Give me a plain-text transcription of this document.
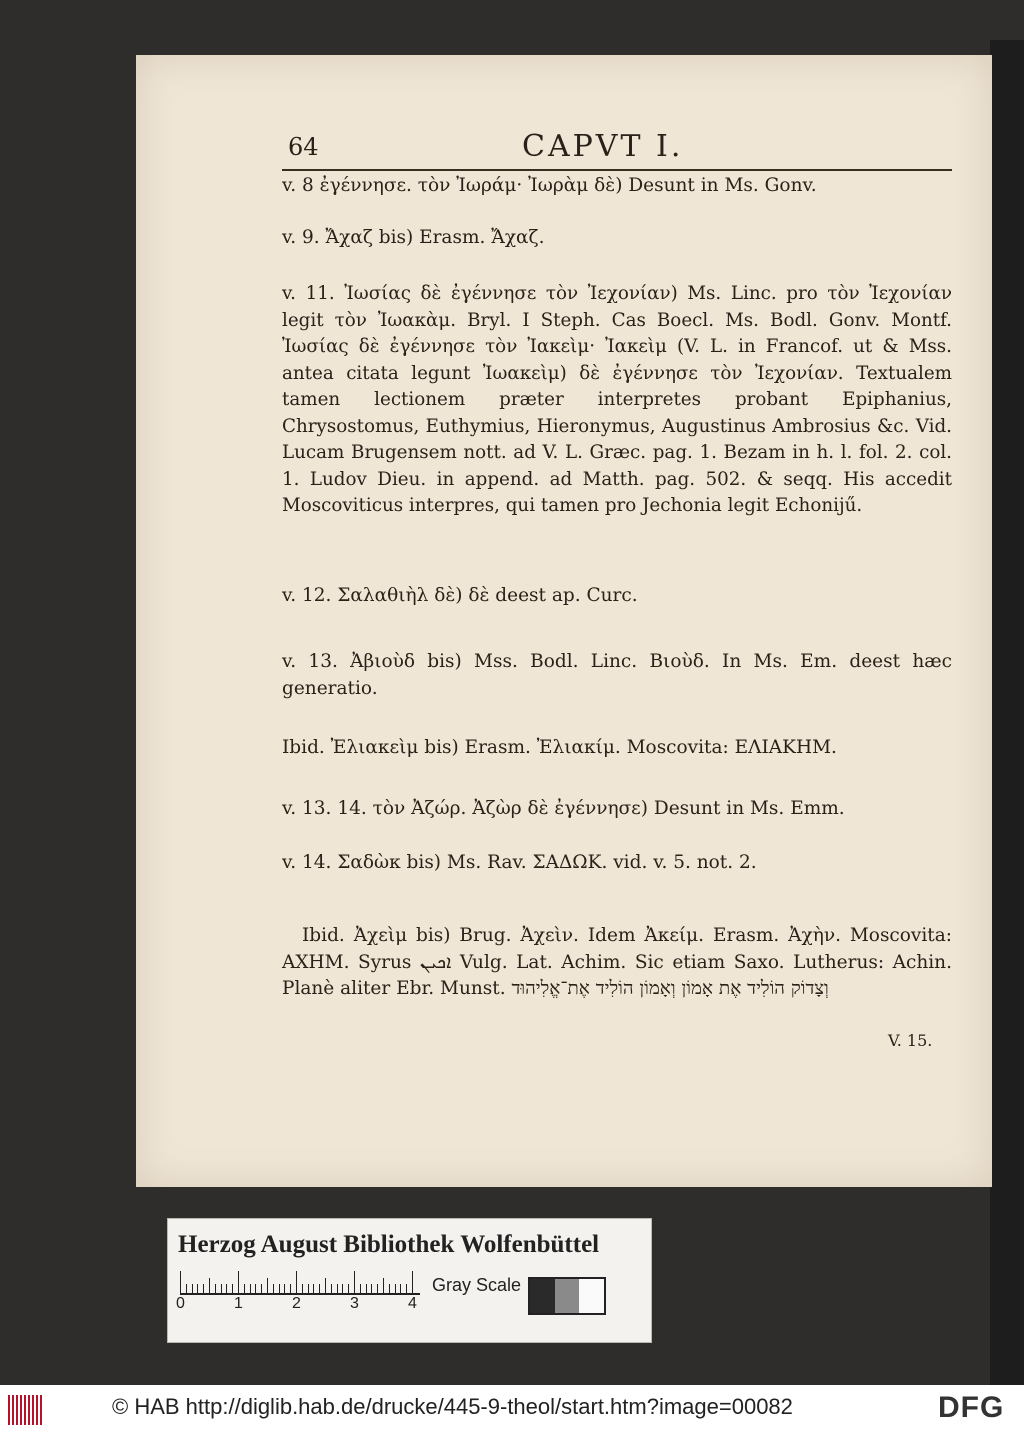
64	CAPVT I.

v. 8 ἐγέννησε. τὸν Ἰωράμ· Ἰωρὰμ δὲ) Desunt in Ms. Gonv.

v. 9. Ἄχαζ bis) Erasm. Ἄχαζ.

v. 11. Ἰωσίας δὲ ἐγέννησε τὸν Ἰεχονίαν) Ms. Linc. pro τὸν Ἰεχονίαν legit τὸν Ἰωακὰμ. Bryl. I Steph. Cas Boecl. Ms. Bodl. Gonv. Montf. Ἰωσίας δὲ ἐγέννησε τὸν Ἰακεὶμ· Ἰακεὶμ (V. L. in Francof. ut & Mss. antea citata legunt Ἰωακεὶμ) δὲ ἐγέννησε τὸν Ἰεχονίαν. Textualem tamen lectionem præter interpretes probant Epiphanius, Chrysostomus, Euthymius, Hieronymus, Augustinus Ambrosius &c. Vid. Lucam Brugensem nott. ad V. L. Græc. pag. 1. Bezam in h. l. fol. 2. col. 1. Ludov Dieu. in append. ad Matth. pag. 502. & seqq. His accedit Moscoviticus interpres, qui tamen pro Jechonia legit Echonijű.

v. 12. Σαλαθιὴλ δὲ) δὲ deest ap. Curc.

v. 13. Ἀβιοὺδ bis) Mss. Bodl. Linc. Βιοὺδ. In Ms. Em. deest hæc generatio.

Ibid. Ἐλιακεὶμ bis) Erasm. Ἐλιακίμ. Moscovita: ΕΛΙΑΚΗΜ.

v. 13. 14. τὸν Ἀζώρ. Ἀζὼρ δὲ ἐγέννησε) Desunt in Ms. Emm.

v. 14. Σαδὼκ bis) Ms. Rav. ΣΑΔΩΚ. vid. v. 5. not. 2.

Ibid. Ἀχεὶμ bis) Brug. Ἀχεὶν. Idem Ἀκείμ. Erasm. Ἀχὴν. Moscovita: ΑΧΗΜ. Syrus ܐܟܝܢ Vulg. Lat. Achim. Sic etiam Saxo. Lutherus: Achin. Planè aliter Ebr. Munst. וְצָדוֹק הוֹלִיד אֶת אָמוֹן וְאָמוֹן הוֹלִיד אֶת־אֱלִיהוּד

V. 15.
Herzog August Bibliothek Wolfenbüttel
0	1	2	3	4
Gray Scale
© HAB http://diglib.hab.de/drucke/445-9-theol/start.htm?image=00082	DFG
